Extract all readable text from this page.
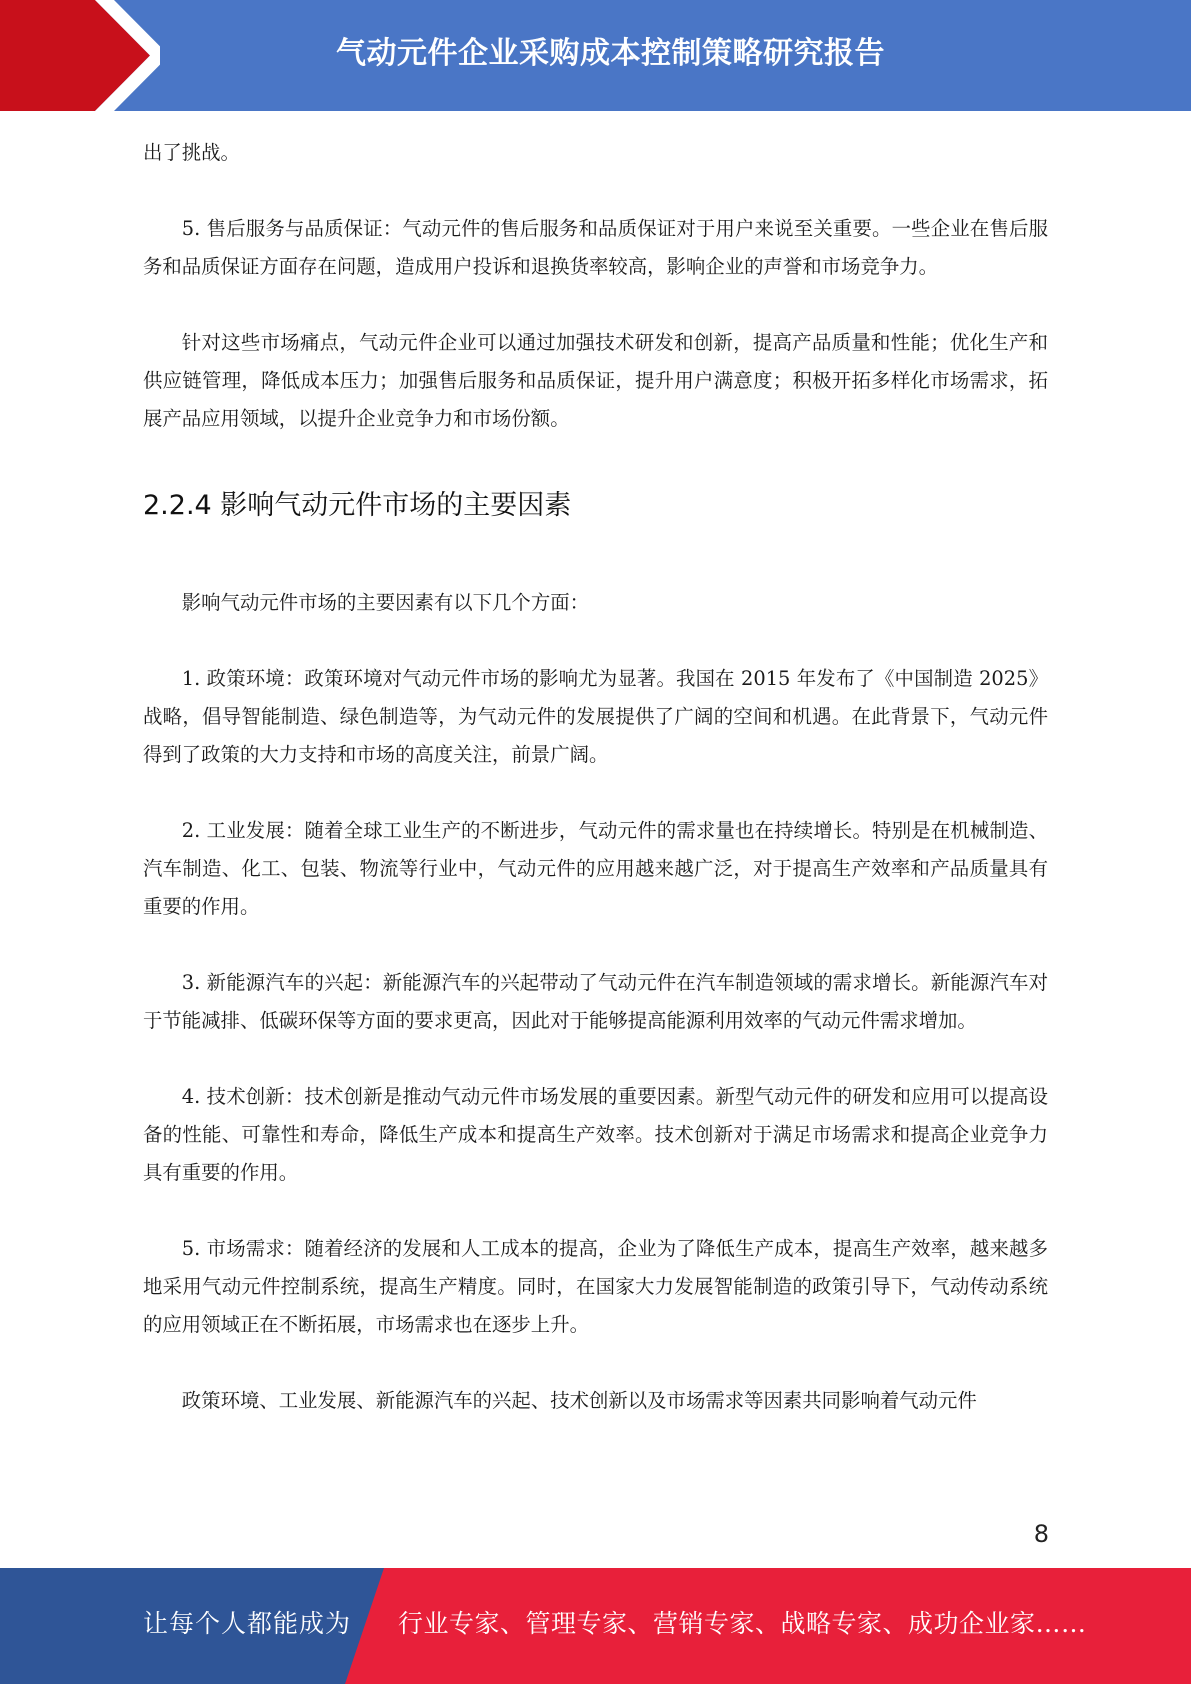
气动元件企业采购成本控制策略研究报告

出了挑战。

5. 售后服务与品质保证：气动元件的售后服务和品质保证对于用户来说至关重要。一些企业在售后服务和品质保证方面存在问题，造成用户投诉和退换货率较高，影响企业的声誉和市场竞争力。

针对这些市场痛点，气动元件企业可以通过加强技术研发和创新，提高产品质量和性能；优化生产和供应链管理，降低成本压力；加强售后服务和品质保证，提升用户满意度；积极开拓多样化市场需求，拓展产品应用领域，以提升企业竞争力和市场份额。

2.2.4 影响气动元件市场的主要因素

影响气动元件市场的主要因素有以下几个方面：

1. 政策环境：政策环境对气动元件市场的影响尤为显著。我国在 2015 年发布了《中国制造 2025》战略，倡导智能制造、绿色制造等，为气动元件的发展提供了广阔的空间和机遇。在此背景下，气动元件得到了政策的大力支持和市场的高度关注，前景广阔。

2. 工业发展：随着全球工业生产的不断进步，气动元件的需求量也在持续增长。特别是在机械制造、汽车制造、化工、包装、物流等行业中，气动元件的应用越来越广泛，对于提高生产效率和产品质量具有重要的作用。

3. 新能源汽车的兴起：新能源汽车的兴起带动了气动元件在汽车制造领域的需求增长。新能源汽车对于节能减排、低碳环保等方面的要求更高，因此对于能够提高能源利用效率的气动元件需求增加。

4. 技术创新：技术创新是推动气动元件市场发展的重要因素。新型气动元件的研发和应用可以提高设备的性能、可靠性和寿命，降低生产成本和提高生产效率。技术创新对于满足市场需求和提高企业竞争力具有重要的作用。

5. 市场需求：随着经济的发展和人工成本的提高，企业为了降低生产成本，提高生产效率，越来越多地采用气动元件控制系统，提高生产精度。同时，在国家大力发展智能制造的政策引导下，气动传动系统的应用领域正在不断拓展，市场需求也在逐步上升。

政策环境、工业发展、新能源汽车的兴起、技术创新以及市场需求等因素共同影响着气动元件

8
让每个人都能成为 行业专家、管理专家、营销专家、战略专家、成功企业家……
